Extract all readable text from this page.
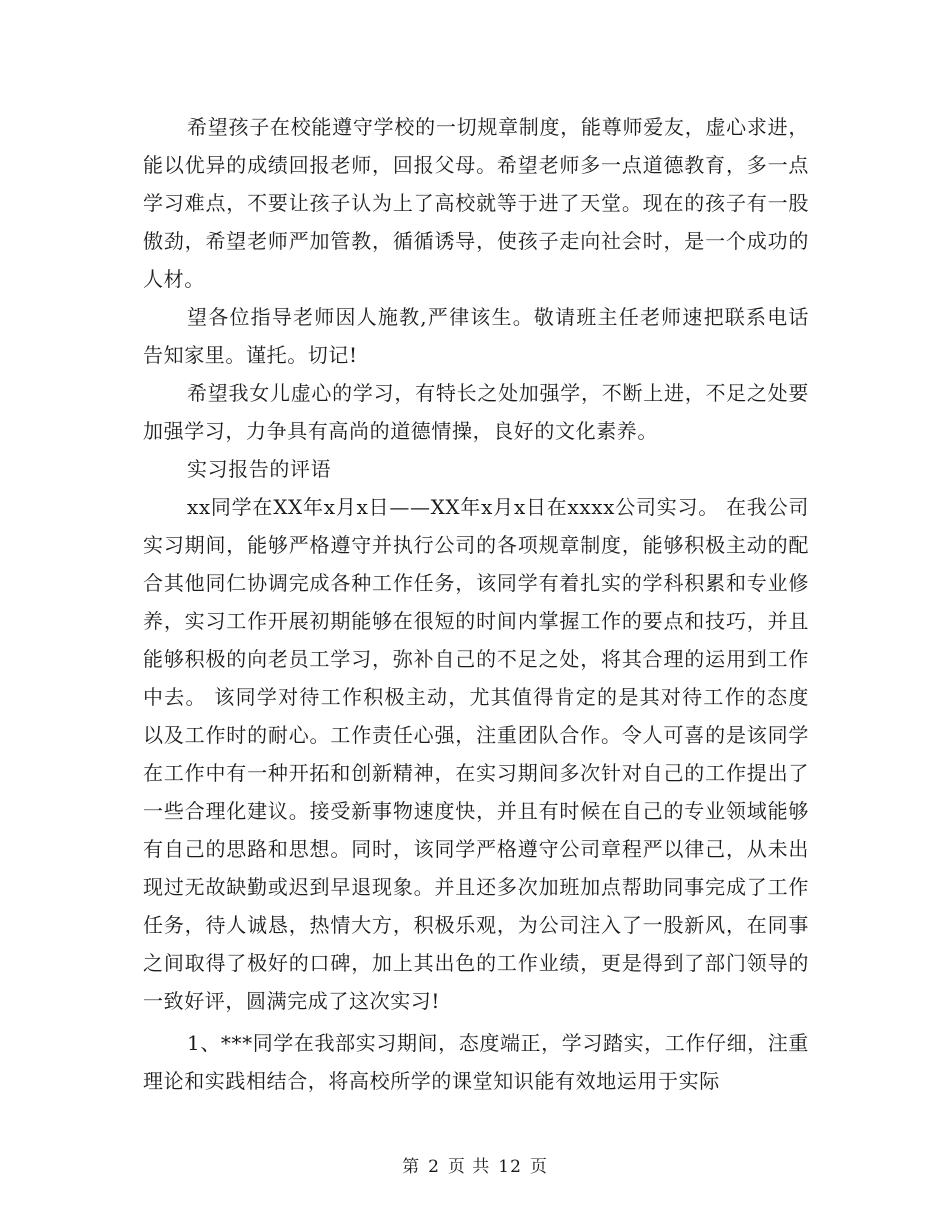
希望孩子在校能遵守学校的一切规章制度，能尊师爱友，虚心求进，能以优异的成绩回报老师，回报父母。希望老师多一点道德教育，多一点学习难点，不要让孩子认为上了高校就等于进了天堂。现在的孩子有一股傲劲，希望老师严加管教，循循诱导，使孩子走向社会时，是一个成功的人材。

望各位指导老师因人施教,严律该生。敬请班主任老师速把联系电话告知家里。谨托。切记!

希望我女儿虚心的学习，有特长之处加强学，不断上进，不足之处要加强学习，力争具有高尚的道德情操，良好的文化素养。

实习报告的评语

xx同学在XX年x月x日——XX年x月x日在xxxx公司实习。 在我公司实习期间，能够严格遵守并执行公司的各项规章制度，能够积极主动的配合其他同仁协调完成各种工作任务，该同学有着扎实的学科积累和专业修养，实习工作开展初期能够在很短的时间内掌握工作的要点和技巧，并且能够积极的向老员工学习，弥补自己的不足之处，将其合理的运用到工作中去。 该同学对待工作积极主动，尤其值得肯定的是其对待工作的态度以及工作时的耐心。工作责任心强，注重团队合作。令人可喜的是该同学在工作中有一种开拓和创新精神，在实习期间多次针对自己的工作提出了一些合理化建议。接受新事物速度快，并且有时候在自己的专业领域能够有自己的思路和思想。同时，该同学严格遵守公司章程严以律己，从未出现过无故缺勤或迟到早退现象。并且还多次加班加点帮助同事完成了工作任务，待人诚恳，热情大方，积极乐观，为公司注入了一股新风，在同事之间取得了极好的口碑，加上其出色的工作业绩，更是得到了部门领导的一致好评，圆满完成了这次实习!

1、***同学在我部实习期间，态度端正，学习踏实，工作仔细，注重理论和实践相结合，将高校所学的课堂知识能有效地运用于实际

第 2 页 共 12 页
